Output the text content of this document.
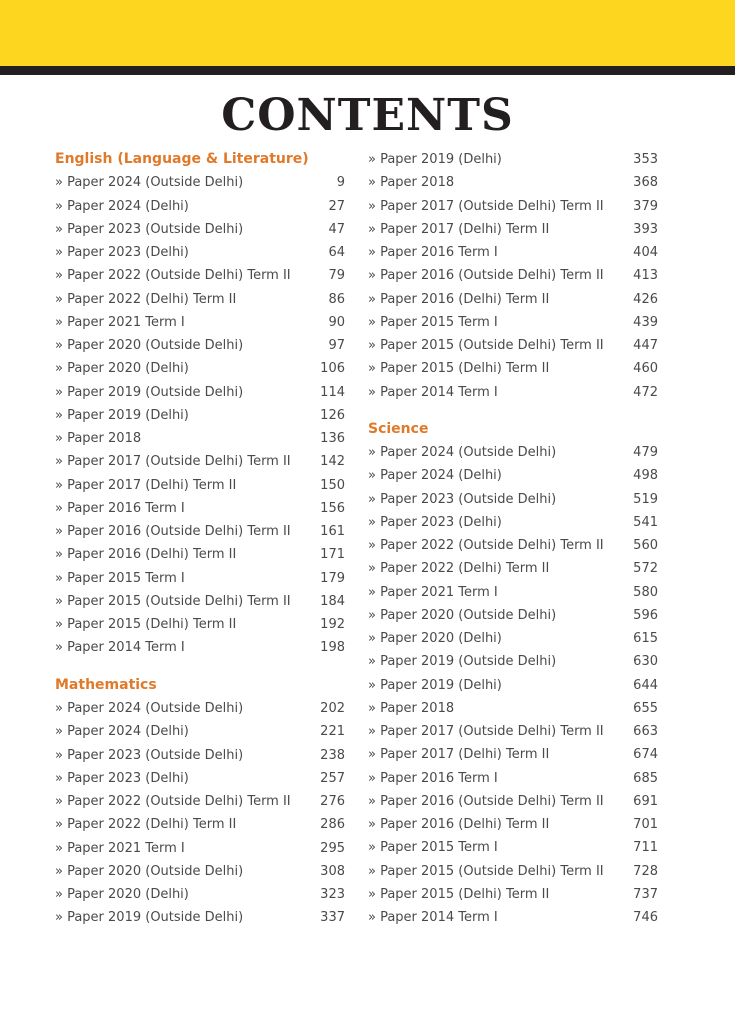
CONTENTS
English (Language & Literature)
» Paper 2024 (Outside Delhi)	9
» Paper 2024 (Delhi)	27
» Paper 2023 (Outside Delhi)	47
» Paper 2023 (Delhi)	64
» Paper 2022 (Outside Delhi) Term II	79
» Paper 2022 (Delhi) Term II	86
» Paper 2021 Term I	90
» Paper 2020 (Outside Delhi)	97
» Paper 2020 (Delhi)	106
» Paper 2019 (Outside Delhi)	114
» Paper 2019 (Delhi)	126
» Paper 2018	136
» Paper 2017 (Outside Delhi) Term II	142
» Paper 2017 (Delhi) Term II	150
» Paper 2016 Term I	156
» Paper 2016 (Outside Delhi) Term II	161
» Paper 2016 (Delhi) Term II	171
» Paper 2015 Term I	179
» Paper 2015 (Outside Delhi) Term II	184
» Paper 2015 (Delhi) Term II	192
» Paper 2014 Term I	198
Mathematics
» Paper 2024 (Outside Delhi)	202
» Paper 2024 (Delhi)	221
» Paper 2023 (Outside Delhi)	238
» Paper 2023 (Delhi)	257
» Paper 2022 (Outside Delhi) Term II	276
» Paper 2022 (Delhi) Term II	286
» Paper 2021 Term I	295
» Paper 2020 (Outside Delhi)	308
» Paper 2020 (Delhi)	323
» Paper 2019 (Outside Delhi)	337
» Paper 2019 (Delhi)	353
» Paper 2018	368
» Paper 2017 (Outside Delhi) Term II	379
» Paper 2017 (Delhi) Term II	393
» Paper 2016 Term I	404
» Paper 2016 (Outside Delhi) Term II	413
» Paper 2016 (Delhi) Term II	426
» Paper 2015 Term I	439
» Paper 2015 (Outside Delhi) Term II	447
» Paper 2015 (Delhi) Term II	460
» Paper 2014 Term I	472
Science
» Paper 2024 (Outside Delhi)	479
» Paper 2024 (Delhi)	498
» Paper 2023 (Outside Delhi)	519
» Paper 2023 (Delhi)	541
» Paper 2022 (Outside Delhi) Term II	560
» Paper 2022 (Delhi) Term II	572
» Paper 2021 Term I	580
» Paper 2020 (Outside Delhi)	596
» Paper 2020 (Delhi)	615
» Paper 2019 (Outside Delhi)	630
» Paper 2019 (Delhi)	644
» Paper 2018	655
» Paper 2017 (Outside Delhi) Term II	663
» Paper 2017 (Delhi) Term II	674
» Paper 2016 Term I	685
» Paper 2016 (Outside Delhi) Term II	691
» Paper 2016 (Delhi) Term II	701
» Paper 2015 Term I	711
» Paper 2015 (Outside Delhi) Term II	728
» Paper 2015 (Delhi) Term II	737
» Paper 2014 Term I	746
